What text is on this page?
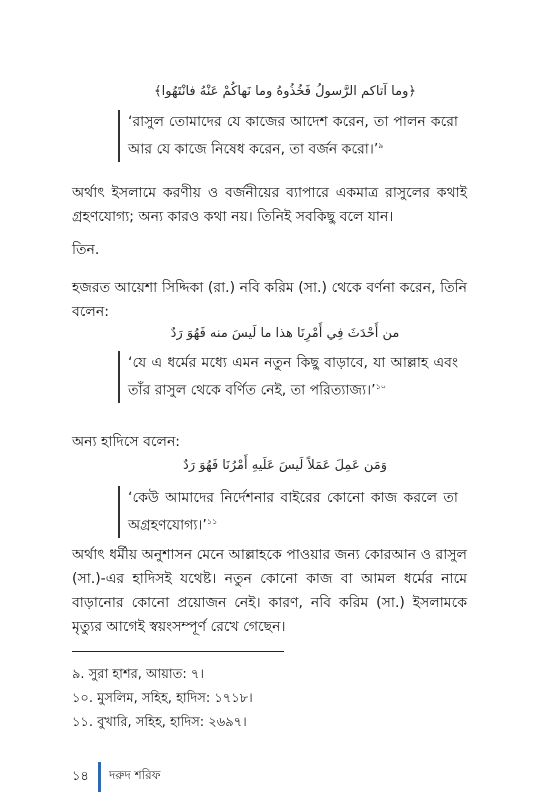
﴿وما آتاكم الرَّسولُ فَخُذُوهُ وما نَهاكُمْ عَنْهُ فانْتَهُوا﴾
‘রাসুল তোমাদের যে কাজের আদেশ করেন, তা পালন করো আর যে কাজে নিষেধ করেন, তা বর্জন করো।’$^৯$
অর্থাৎ ইসলামে করণীয় ও বর্জনীয়ের ব্যাপারে একমাত্র রাসুলের কথাই গ্রহণযোগ্য; অন্য কারও কথা নয়। তিনিই সবকিছু বলে যান।
তিন.
হজরত আয়েশা সিদ্দিকা (রা.) নবি করিম (সা.) থেকে বর্ণনা করেন, তিনি বলেন:
من أَحْدَثَ فِي أَمْرِنَا هذا ما لَيسَ منه فَهُوَ رَدٌ
‘যে এ ধর্মের মধ্যে এমন নতুন কিছু বাড়াবে, যা আল্লাহ এবং তাঁর রাসুল থেকে বর্ণিত নেই, তা পরিত্যাজ্য।’$^{১০}$
অন্য হাদিসে বলেন:
وَمَن عَمِلَ عَمَلاً لَيسَ عَلَيهِ أَمْرُنَا فَهُوَ رَدٌ
‘কেউ আমাদের নির্দেশনার বাইরের কোনো কাজ করলে তা অগ্রহণযোগ্য।’$^{১১}$
অর্থাৎ ধর্মীয় অনুশাসন মেনে আল্লাহকে পাওয়ার জন্য কোরআন ও রাসুল (সা.)-এর হাদিসই যথেষ্ট। নতুন কোনো কাজ বা আমল ধর্মের নামে বাড়ানোর কোনো প্রয়োজন নেই। কারণ, নবি করিম (সা.) ইসলামকে মৃত্যুর আগেই স্বয়ংসম্পূর্ণ রেখে গেছেন।
৯. সুরা হাশর, আয়াত: ৭।
১০. মুসলিম, সহিহ, হাদিস: ১৭১৮।
১১. বুখারি, সহিহ, হাদিস: ২৬৯৭।
১৪	দরুদ শরিফ
